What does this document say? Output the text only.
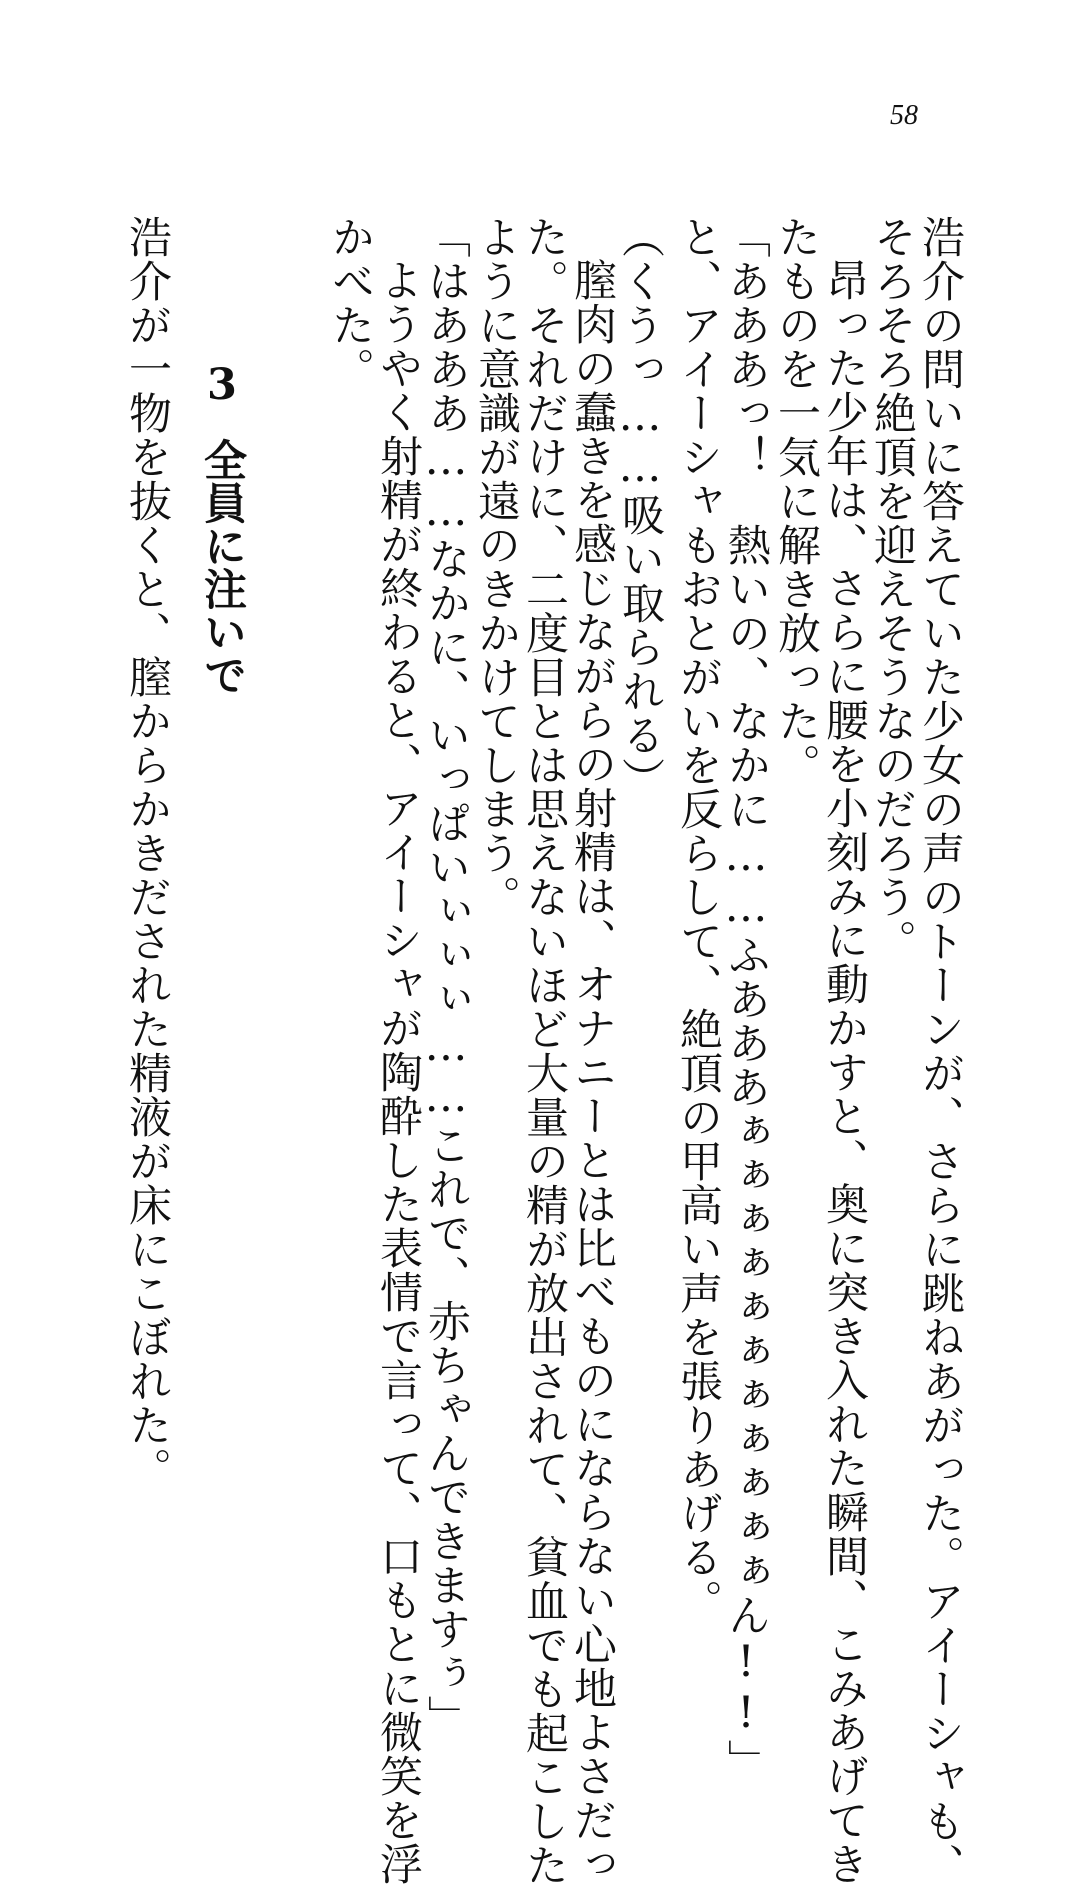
58
浩介の問いに答えていた少女の声のトーンが、さらに跳ねあがった。アイーシャも、
そろそろ絶頂を迎えそうなのだろう。
昂った少年は、さらに腰を小刻みに動かすと、奥に突き入れた瞬間、こみあげてき
たものを一気に解き放った。
「あああっ！　熱いの、なかに……ふあああぁぁぁぁぁぁぁぁぁぁぁん!!」
と、アイーシャもおとがいを反らして、絶頂の甲高い声を張りあげる。
（くうっ……吸い取られる）
膣肉の蠢きを感じながらの射精は、オナニーとは比べものにならない心地よさだっ
た。それだけに、二度目とは思えないほど大量の精が放出されて、貧血でも起こした
ように意識が遠のきかけてしまう。
「はあああ……なかに、いっぱいぃぃぃ……これで、赤ちゃんできますぅ」
ようやく射精が終わると、アイーシャが陶酔した表情で言って、口もとに微笑を浮
かべた。
3全員に注いで
浩介が一物を抜くと、膣からかきだされた精液が床にこぼれた。
